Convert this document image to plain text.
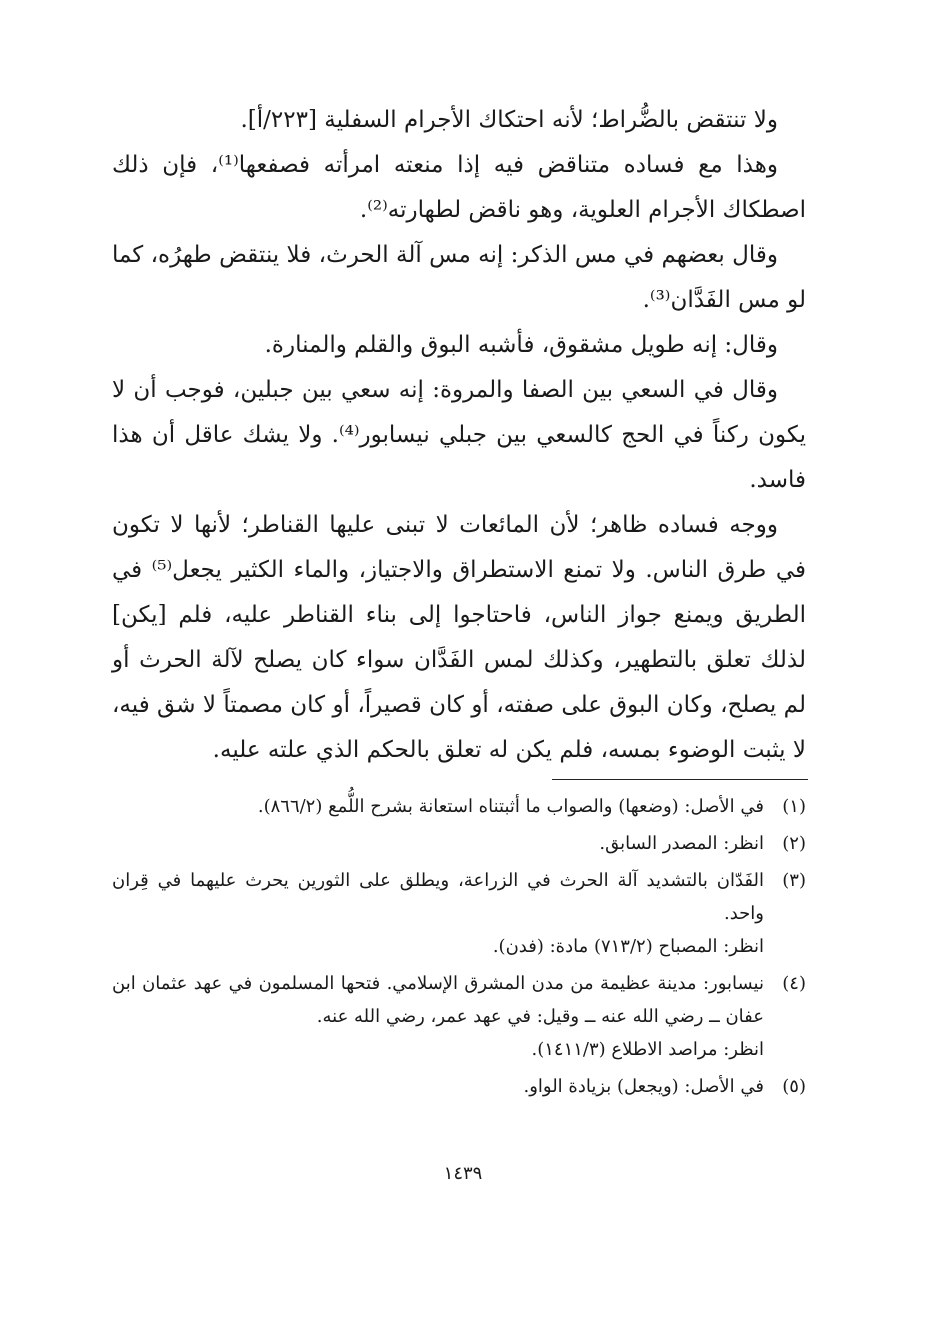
ولا تنتقض بالضُّراط؛ لأنه احتكاك الأجرام السفلية [٢٢٣/أ].

وهذا مع فساده متناقض فيه إذا منعته امرأته فصفعها⁽¹⁾، فإن ذلك اصطكاك الأجرام العلوية، وهو ناقض لطهارته⁽²⁾.

وقال بعضهم في مس الذكر: إنه مس آلة الحرث، فلا ينتقض طهرُه، كما لو مس الفَدَّان⁽³⁾.

وقال: إنه طويل مشقوق، فأشبه البوق والقلم والمنارة.

وقال في السعي بين الصفا والمروة: إنه سعي بين جبلين، فوجب أن لا يكون ركناً في الحج كالسعي بين جبلي نيسابور⁽⁴⁾. ولا يشك عاقل أن هذا فاسد.

ووجه فساده ظاهر؛ لأن المائعات لا تبنى عليها القناطر؛ لأنها لا تكون في طرق الناس. ولا تمنع الاستطراق والاجتياز، والماء الكثير يجعل⁽⁵⁾ في الطريق ويمنع جواز الناس، فاحتاجوا إلى بناء القناطر عليه، فلم [يكن] لذلك تعلق بالتطهير، وكذلك لمس الفَدَّان سواء كان يصلح لآلة الحرث أو لم يصلح، وكان البوق على صفته، أو كان قصيراً، أو كان مصمتاً لا شق فيه، لا يثبت الوضوء بمسه، فلم يكن له تعلق بالحكم الذي علته عليه.

(١)
في الأصل: (وضعها) والصواب ما أثبتناه استعانة بشرح اللُّمع (٨٦٦/٢).
(٢)
انظر: المصدر السابق.
(٣)
الفَدّان بالتشديد آلة الحرث في الزراعة، ويطلق على الثورين يحرث عليهما في قِران واحد.
انظر: المصباح (٧١٣/٢) مادة: (فدن).
(٤)
نيسابور: مدينة عظيمة من مدن المشرق الإسلامي. فتحها المسلمون في عهد عثمان ابن عفان ــ رضي الله عنه ــ وقيل: في عهد عمر، رضي الله عنه.
انظر: مراصد الاطلاع (١٤١١/٣).
(٥)
في الأصل: (ويجعل) بزيادة الواو.
١٤٣٩
